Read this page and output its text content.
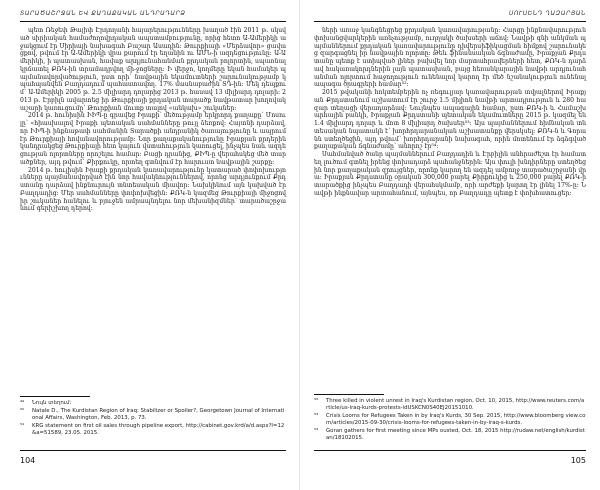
ՏԱՐԱԾԱՇՐՋԱՆ ԵՎ ՔԱՂԱՔԱԿԱՆ ԱՆԴՐԱԴԱՐՁ

պետ Ռեջեփ Թայիփ Էրդողանի հայարերությունները խաղած էին 2011 թ. սկսված սիրիական համաժողովրդական ապստամբությունը, որից հետո Ա-Ամերիկի աջակցում էր Սիրիայի նախագահ Բաշար Ասադին: Թուրքիայի «Մերձավոր» ցավացքով, թվում էր Ա-Ամերիկի վրա քարում էր եղանին ու ԱՄՆ-ի ազդեցությունը: Ա-Ամերիկի, ի պատասխան, հավաք արդյունահանման քրդական բոլորտին, սպառնալ կրճատել ՔՌԿ-ին տրամադրվող մի-ջոցները: Ի վերջո, կողմերը եկան համակեր պայմանավորվածություն, ըստ որի՝ նավթային եկամուտների շարունակությամբ կպահպանվեն Բաղդադում պահաստավող. 17% մասնաբաժին ՏԴ-ին: Մեկ դեպքում՝ Ա-Ամերիկի 2005 թ. 2.5 միլիարդ դոլարից 2013 թ. հասավ 13 միլիարդ դոլարի: 2013 թ. Էրբիլն ավարտեց իր Թուրքիայի քրդական տարածք նավթատար խողովակաշարի կառուցումը՝ Թուրքիան մուտք տալով «անկախ» շուկաներ:

2014 թ. հունիսին ԻԻՊ-ը գրավեց Իրաքի՝ մեծությամբ երկրորդ քաղաքը՝ Մոսուլը՝ «հիասխալով Իրաքի պետական սահմանները թույլ ձեռքով: Հայտնի դարձավ, որ ԻԻՊ-ի ինքնաթափ սահմանին Տարածքի անդրանիկ ծառայությունը և ապրում էր Թուրքիայի հովանավորությամբ։ Նոր քաղաքականությունը Իրաքյան քրդերին կանդրակցեց Թուրքիայի հետ կայուն վստահություն կառուցել, ինչպես նաև ազդեցության ոլորտները որոշելու համար: Բացի դրանից, ՔԻՊ-ը վերահսկեց մեծ տարածքներ, այդ թվում՝ Քիրքուկը, որտեղ գտնվում էր հարուստ նավթային շարքը:

2014 թ. հուլիսին Իրաքի քրդական կառավարությունը կատարած փոփոխությունները պայմանավորված էին նոր հավակնություններով, որոնց արդյունքում Քրդստանը դարձավ ինքնուրույն տնտեսական միավոր: Նախկինում այն կախված էր Բաղդադից: Մեր սահմանները փոփոխվեցին: ՔՌԿ-ն կազմեց Թուրքիայի միջոցով իր շուկաներ հանելու և բյուջեն ամրապնդելու նոր մեխանիզմներ՝ տարածաշրջանում գերիշխող դերով:

⁴⁹	Նույն տեղում:
⁵⁰	Natale D., The Kurdistan Region of Iraq: Stabilizer or Spoiler?, Georgetown Journal of International Affairs, Washington, Feb. 2013, p. 73.
⁵¹	KRG statement on first oil sales through pipeline export, http://cabinet.gov.krd/a/d.aspx?l=12&a=51589, 23.05. 2015.
104
ՍՈՒՍԵՆԴ ՂԱԶԱՐՅԱՆ

ների առաջ կանգնեցրեց քրդական կառավարությանը: Հարցը ինքնավարություն փոխանցվարկերին առնչությամբ, ուղղակի ծախսերի աճով։ Նավթի գնի անկման պայմաններում քրդական կառավարությունը դիվերսիֆիկացման հիմքով շարունակեց զարգացնել իր նավթային ոլորտը: Թեև ֆինանսական ճգնաժամը, Իրաքյան Քրդստանը պետք է ստիպված լիներ բախվել նոր մարտահրավերների հետ, ՔՌԿ-ն դարձավ հակառակորդներին լայն պատասխան, բայց հեռանկարային նավթի արդյունահանման ոլորտում հաջողություն ունենալով կարող էր մեծ նշանակություն ունենալ ապագա ծրագրերի համար⁵²:

2015 թվականի հոկտեմբերին ոչ ռեգուլյար կառավարության տվյալներով Իրաքյան Քրդստանում աշխատում էր շուրջ 1.5 միլիոն նավթի արտադրություն և 280 հազար տեղացի վերադարձավ։ Նույնպես ապագային համար, ըստ ՔՌԿ-ի և Համաշխարհային բանկի, Իրաքյան Քրդստանի պետական եկամուտները 2015 թ. կազմել են 1.4 միլիարդ դոլար և մոտ 8 միլիարդ ծախսեր⁵³: Այս պայմաններում հիմնական տնտեսական նպատակն է՝ խորհրդարանական աշխատանքը վերսկսել: ՔՌԿ-ն և Գորանն ստեղծեցին, այդ թվում՝ խորհրդարանի նախագահ, որին մոտենում էր ձգձգված քաղաքական ճգնաժամը՝ անորոշ էր⁵⁴:

Սահմանված ծանր պայմաններում Բաղդադին և Էրբիլին անհրաժեշտ էր համատեղ լուծում գտնել իրենց փոխադարձ պահանջներին: Այս փուլի խնդիրները ստեղծեցին նոր քաղաքական զրույցներ, որոնք կարող են ազդել ամբողջ տարածաշրջանի վրա: Իրաքյան Քրդստանը օրական 300,000 բարել Քիրքուկից և 250,000 բարել ՔՌԿ-ի տարածքից ինչպես Բաղդադի վերահսկմամբ, որի արժեքի կարող էր լինել 17%-ը: Նավթի ինքնավար արտահանում, այնպես, որ Բաղդադը պետք է փոխհատուցեր։

⁵²	Three killed in violent unrest in Iraq's Kurdistan region, Oct. 10, 2015, http://www.reuters.com/article/us-iraq-kurds-protests-idUSKCN0S40EJ20151010.
⁵³	Crisis Looms for Refugees Taken in by Iraq's Kurds, 30 Sep. 2015, http://www.bloomberg view.com/articles/2015-09-30/crisis-looms-for-refugees-taken-in-by-iraq-s-kurds.
⁵⁴	Goran gathers for first meeting since MPs ousted, Oct. 18, 2015 http://rudaw.net/english/kurdistan/18102015.
105
